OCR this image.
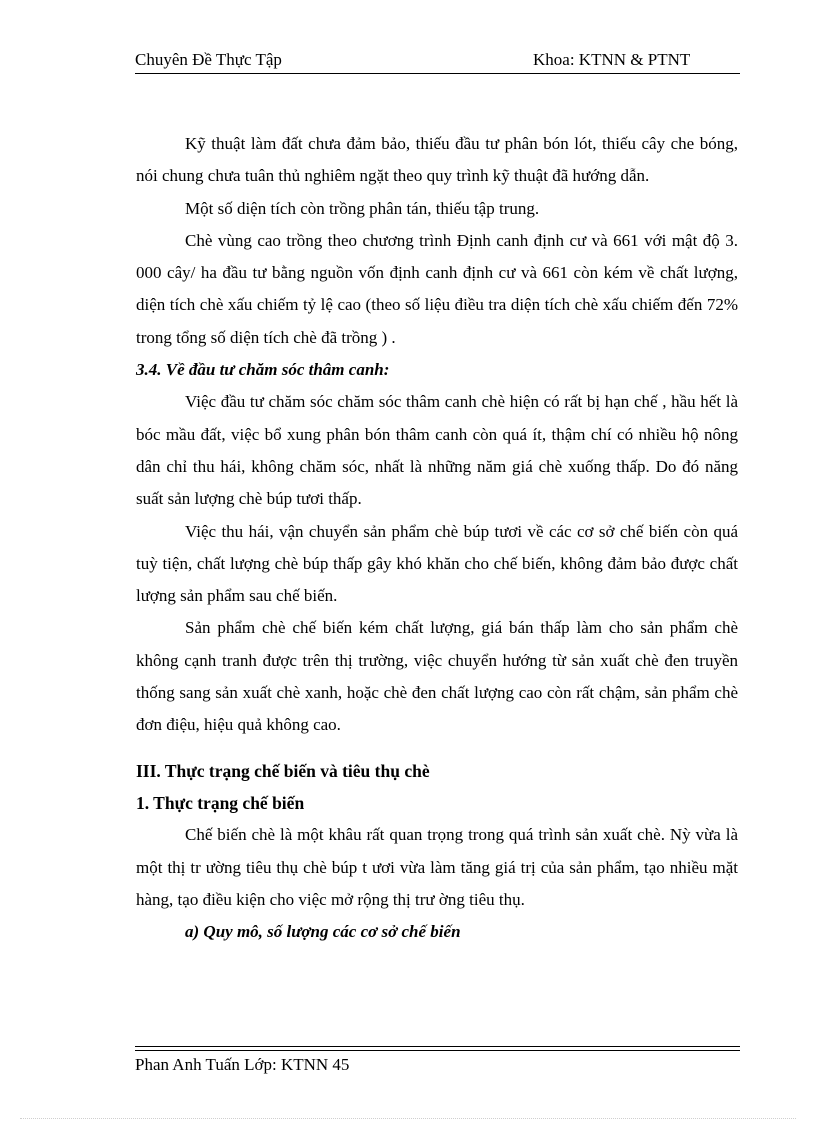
Chuyên Đề Thực Tập	Khoa: KTNN & PTNT

Kỹ thuật làm đất chưa đảm bảo, thiếu đầu tư phân bón lót, thiếu cây che bóng, nói chung chưa tuân thủ nghiêm ngặt theo quy trình kỹ thuật đã hướng dẫn.

Một số diện tích còn trồng phân tán, thiếu tập trung.

Chè vùng cao trồng theo chương trình Định canh định cư và 661 với mật độ 3. 000 cây/ ha đầu tư bằng nguồn vốn định canh định cư và 661 còn kém về chất lượng, diện tích chè xấu chiếm tỷ lệ cao (theo số liệu điều tra diện tích chè xấu chiếm đến 72% trong tổng số diện tích chè đã trồng ) .

3.4. Về đầu tư chăm sóc thâm canh:

Việc đầu tư chăm sóc chăm sóc thâm canh chè hiện có rất bị hạn chế , hầu hết là bóc mầu đất, việc bổ xung phân bón thâm canh còn quá ít, thậm chí có nhiều hộ nông dân chỉ thu hái, không chăm sóc, nhất là những năm giá chè xuống thấp. Do đó năng suất sản lượng chè búp tươi thấp.

Việc thu hái, vận chuyển sản phẩm chè búp tươi về các cơ sở chế biến còn quá tuỳ tiện, chất lượng chè búp thấp gây khó khăn cho chế biến, không đảm bảo được chất lượng sản phẩm sau chế biến.

Sản phẩm chè chế biến kém chất lượng, giá bán thấp làm cho sản phẩm chè không cạnh tranh được trên thị trường, việc chuyển hướng từ sản xuất chè đen truyền thống sang sản xuất chè xanh, hoặc chè đen chất lượng cao còn rất chậm, sản phẩm chè đơn điệu, hiệu quả không cao.

III. Thực trạng chế biến và tiêu thụ chè

1. Thực trạng chế biến

Chế biến chè là một khâu rất quan trọng trong quá trình sản xuất chè. Nỳ vừa là một thị tr ường tiêu thụ chè búp t ươi vừa làm tăng giá trị của sản phẩm, tạo nhiều mặt hàng, tạo điều kiện cho việc mở rộng thị trư ờng tiêu thụ.

a) Quy mô, số lượng các cơ sở chế biến

Phan Anh Tuấn Lớp: KTNN 45
